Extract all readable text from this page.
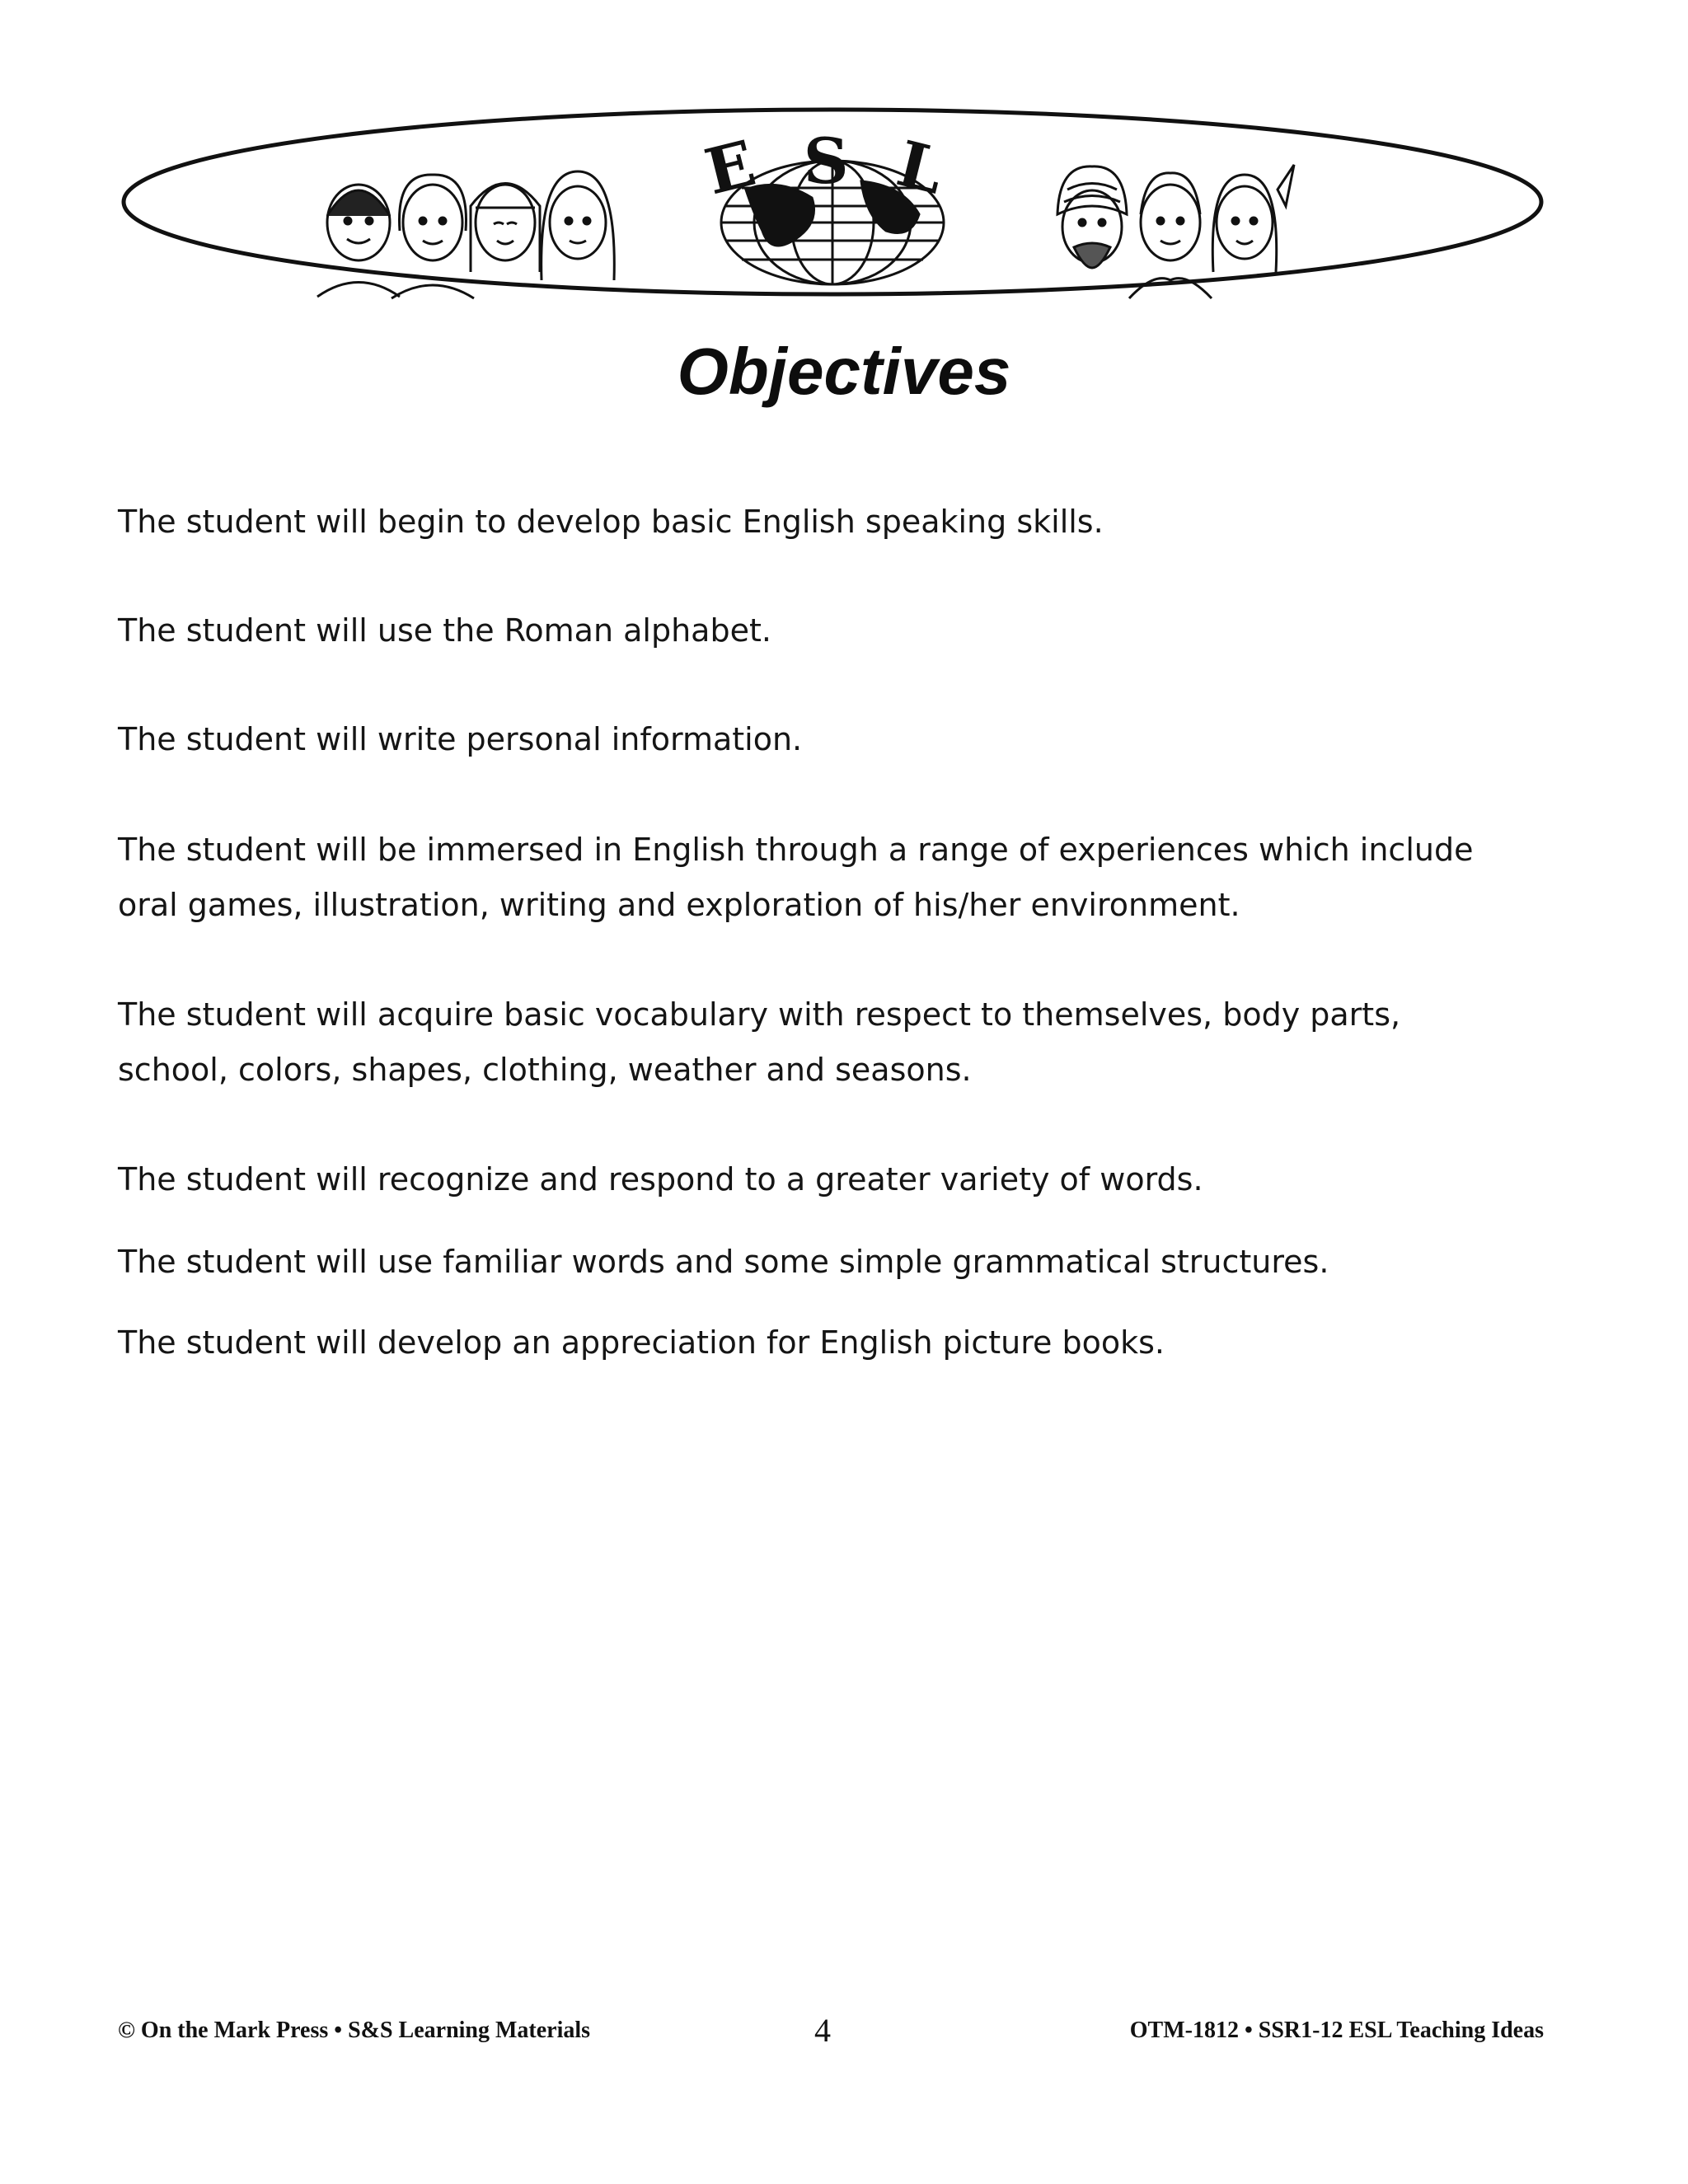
E S L
Objectives
The student will begin to develop basic English speaking skills.
The student will use the Roman alphabet.
The student will write personal information.
The student will be immersed in English through a range of experiences which include oral games, illustration, writing and exploration of his/her environment.
The student will acquire basic vocabulary with respect to themselves, body parts, school, colors, shapes, clothing, weather and seasons.
The student will recognize and respond to a greater variety of words.
The student will use familiar words and some simple grammatical structures.
The student will develop an appreciation for English picture books.
© On the Mark Press • S&S Learning Materials	4	OTM-1812 • SSR1-12 ESL Teaching Ideas
